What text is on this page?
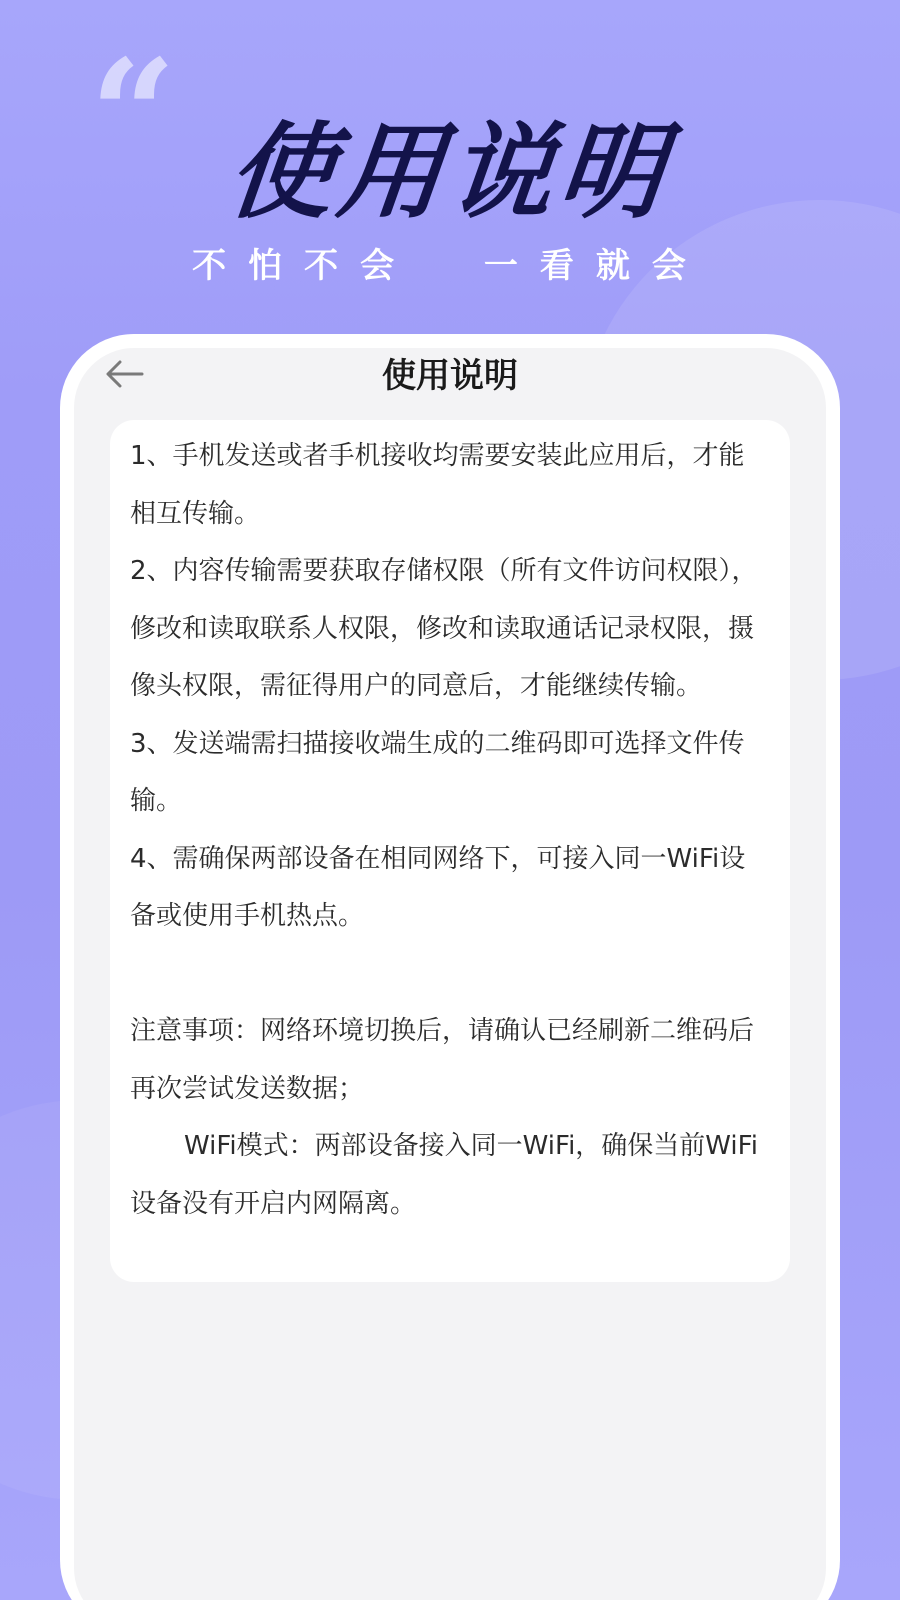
“ 使用说明
不怕不会  一看就会
使用说明

1、手机发送或者手机接收均需要安装此应用后，才能相互传输。

2、内容传输需要获取存储权限（所有文件访问权限），修改和读取联系人权限，修改和读取通话记录权限，摄像头权限，需征得用户的同意后，才能继续传输。

3、发送端需扫描接收端生成的二维码即可选择文件传输。

4、需确保两部设备在相同网络下，可接入同一WiFi设备或使用手机热点。

注意事项：网络环境切换后，请确认已经刷新二维码后再次尝试发送数据；

WiFi模式：两部设备接入同一WiFi，确保当前WiFi设备没有开启内网隔离。
